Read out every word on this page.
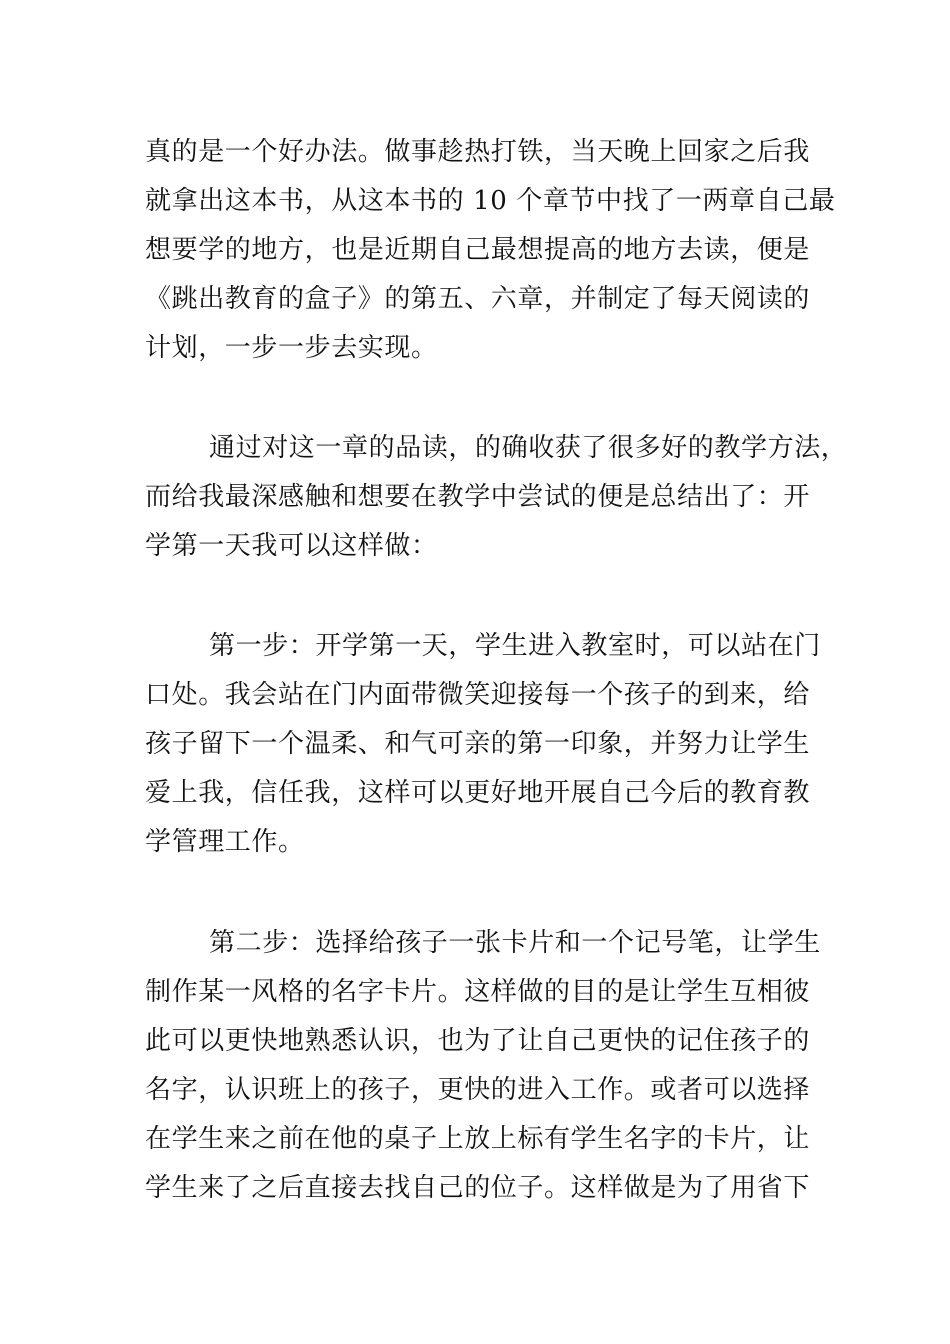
真的是一个好办法。做事趁热打铁，当天晚上回家之后我
就拿出这本书，从这本书的 10 个章节中找了一两章自己最
想要学的地方，也是近期自己最想提高的地方去读，便是
《跳出教育的盒子》的第五、六章，并制定了每天阅读的
计划，一步一步去实现。
通过对这一章的品读，的确收获了很多好的教学方法，
而给我最深感触和想要在教学中尝试的便是总结出了：开
学第一天我可以这样做：
第一步：开学第一天，学生进入教室时，可以站在门
口处。我会站在门内面带微笑迎接每一个孩子的到来，给
孩子留下一个温柔、和气可亲的第一印象，并努力让学生
爱上我，信任我，这样可以更好地开展自己今后的教育教
学管理工作。
第二步：选择给孩子一张卡片和一个记号笔，让学生
制作某一风格的名字卡片。这样做的目的是让学生互相彼
此可以更快地熟悉认识，也为了让自己更快的记住孩子的
名字，认识班上的孩子，更快的进入工作。或者可以选择
在学生来之前在他的桌子上放上标有学生名字的卡片，让
学生来了之后直接去找自己的位子。这样做是为了用省下
